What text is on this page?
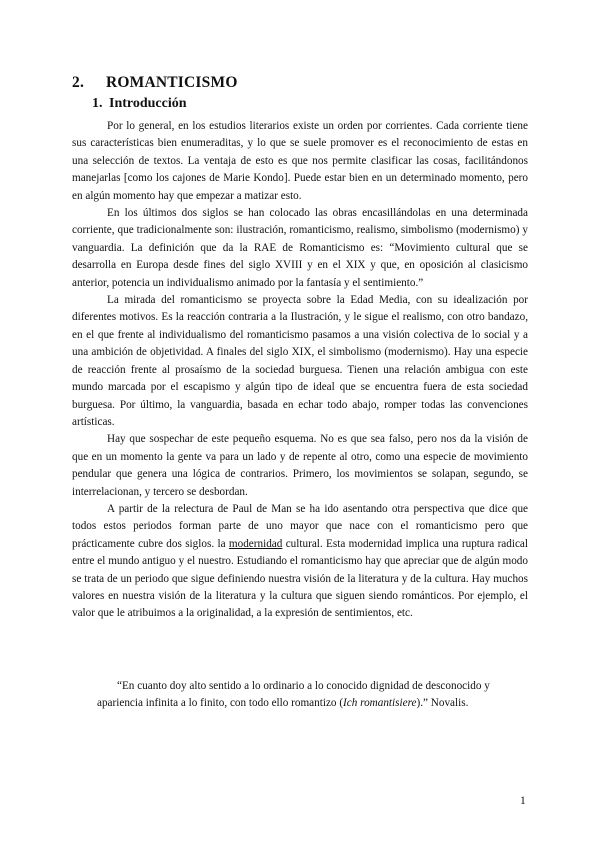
2.	ROMANTICISMO
1. Introducción

Por lo general, en los estudios literarios existe un orden por corrientes. Cada corriente tiene sus características bien enumeraditas, y lo que se suele promover es el reconocimiento de estas en una selección de textos. La ventaja de esto es que nos permite clasificar las cosas, facilitándonos manejarlas [como los cajones de Marie Kondo]. Puede estar bien en un determinado momento, pero en algún momento hay que empezar a matizar esto.

En los últimos dos siglos se han colocado las obras encasillándolas en una determinada corriente, que tradicionalmente son: ilustración, romanticismo, realismo, simbolismo (modernismo) y vanguardia. La definición que da la RAE de Romanticismo es: “Movimiento cultural que se desarrolla en Europa desde fines del siglo XVIII y en el XIX y que, en oposición al clasicismo anterior, potencia un individualismo animado por la fantasía y el sentimiento.”

La mirada del romanticismo se proyecta sobre la Edad Media, con su idealización por diferentes motivos. Es la reacción contraria a la Ilustración, y le sigue el realismo, con otro bandazo, en el que frente al individualismo del romanticismo pasamos a una visión colectiva de lo social y a una ambición de objetividad. A finales del siglo XIX, el simbolismo (modernismo). Hay una especie de reacción frente al prosaísmo de la sociedad burguesa. Tienen una relación ambigua con este mundo marcada por el escapismo y algún tipo de ideal que se encuentra fuera de esta sociedad burguesa. Por último, la vanguardia, basada en echar todo abajo, romper todas las convenciones artísticas.

Hay que sospechar de este pequeño esquema. No es que sea falso, pero nos da la visión de que en un momento la gente va para un lado y de repente al otro, como una especie de movimiento pendular que genera una lógica de contrarios. Primero, los movimientos se solapan, segundo, se interrelacionan, y tercero se desbordan.

A partir de la relectura de Paul de Man se ha ido asentando otra perspectiva que dice que todos estos periodos forman parte de uno mayor que nace con el romanticismo pero que prácticamente cubre dos siglos. la modernidad cultural. Esta modernidad implica una ruptura radical entre el mundo antiguo y el nuestro. Estudiando el romanticismo hay que apreciar que de algún modo se trata de un periodo que sigue definiendo nuestra visión de la literatura y de la cultura. Hay muchos valores en nuestra visión de la literatura y la cultura que siguen siendo románticos. Por ejemplo, el valor que le atribuimos a la originalidad, a la expresión de sentimientos, etc.

“En cuanto doy alto sentido a lo ordinario a lo conocido dignidad de desconocido y apariencia infinita a lo finito, con todo ello romantizo (Ich romantisiere).” Novalis.

1
